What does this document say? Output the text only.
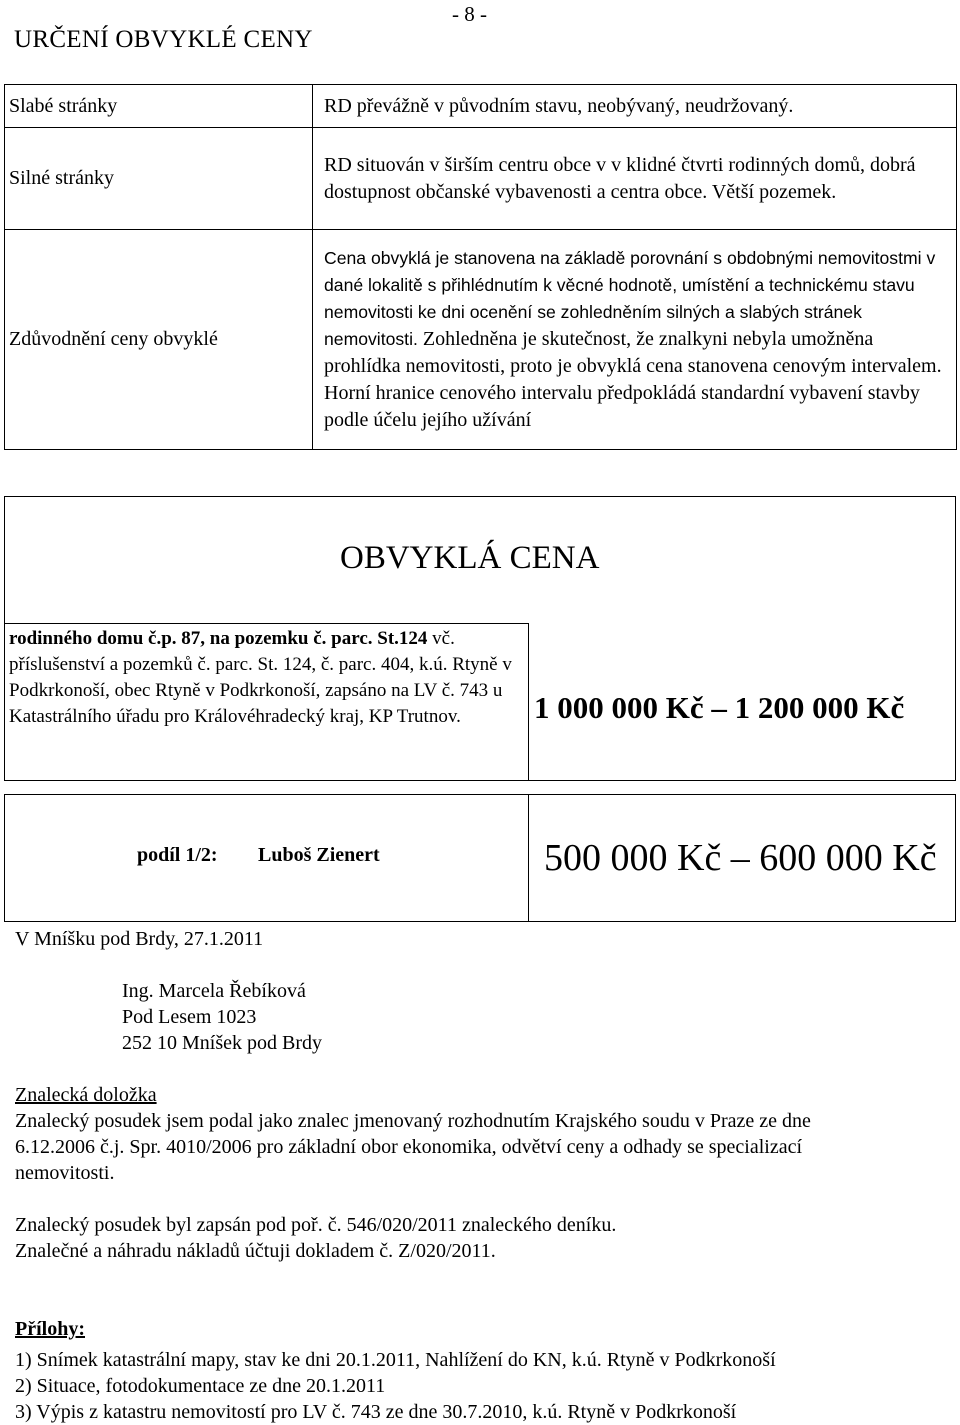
- 8 -
URČENÍ OBVYKLÉ CENY
Slabé stránky	RD převážně v původním stavu, neobývaný, neudržovaný.
Silné stránky	RD situován v širším centru obce v v klidné čtvrti rodinných domů, dobrá dostupnost občanské vybavenosti a centra obce. Větší pozemek.
Zdůvodnění ceny obvyklé	Cena obvyklá je stanovena na základě porovnání s obdobnými nemovitostmi v dané lokalitě s přihlédnutím k věcné hodnotě, umístění a technickému stavu nemovitosti ke dni ocenění se zohledněním silných a slabých stránek nemovitosti. Zohledněna je skutečnost, že znalkyni nebyla umožněna prohlídka nemovitosti, proto je obvyklá cena stanovena cenovým intervalem. Horní hranice cenového intervalu předpokládá standardní vybavení stavby podle účelu jejího užívání
OBVYKLÁ CENA
rodinného domu č.p. 87, na pozemku č. parc. St.124 vč. příslušenství a pozemků č. parc. St. 124, č. parc. 404, k.ú. Rtyně v Podkrkonoší, obec Rtyně v Podkrkonoší, zapsáno na LV č. 743 u Katastrálního úřadu pro Královéhradecký kraj, KP Trutnov.	1 000 000 Kč – 1 200 000 Kč
podíl 1/2: Luboš Zienert	500 000 Kč – 600 000 Kč
V Mníšku pod Brdy, 27.1.2011
Ing. Marcela Řebíková
Pod Lesem 1023
252 10 Mníšek pod Brdy
Znalecká doložka
Znalecký posudek jsem podal jako znalec jmenovaný rozhodnutím Krajského soudu v Praze ze dne
6.12.2006 č.j. Spr. 4010/2006 pro základní obor ekonomika, odvětví ceny a odhady se specializací
nemovitosti.
Znalecký posudek byl zapsán pod poř. č. 546/020/2011 znaleckého deníku.
Znalečné a náhradu nákladů účtuji dokladem č. Z/020/2011.
Přílohy:
1) Snímek katastrální mapy, stav ke dni 20.1.2011, Nahlížení do KN, k.ú. Rtyně v Podkrkonoší
2) Situace, fotodokumentace ze dne 20.1.2011
3) Výpis z katastru nemovitostí pro LV č. 743 ze dne 30.7.2010, k.ú. Rtyně v Podkrkonoší
